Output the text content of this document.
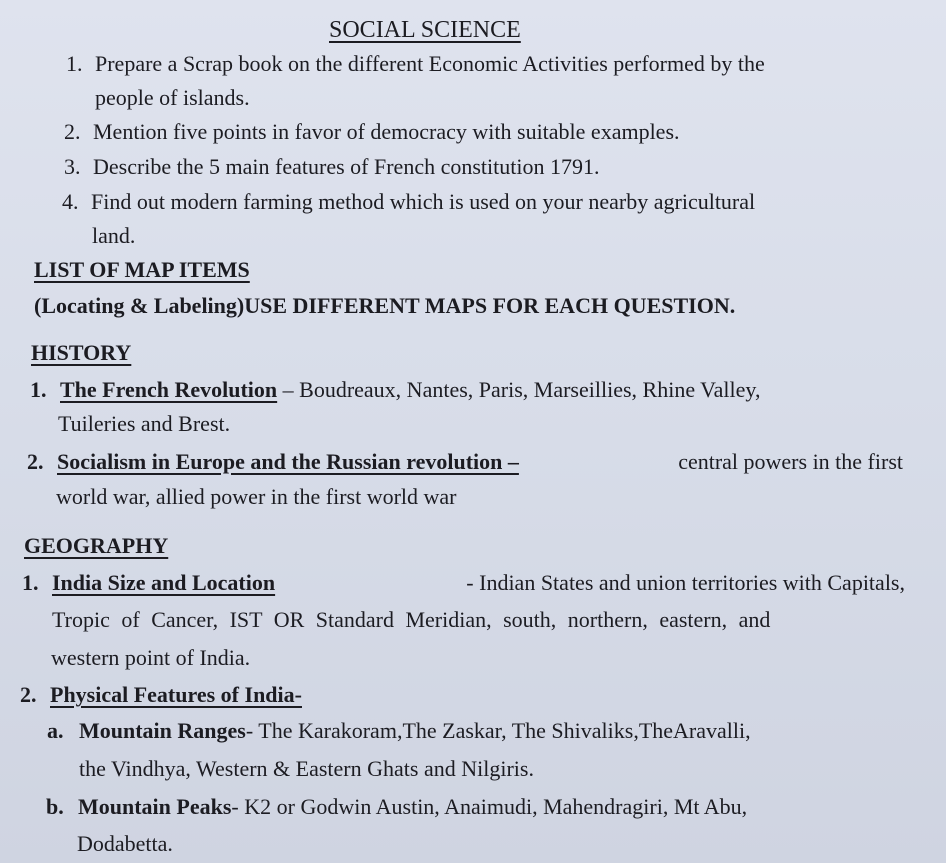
SOCIAL SCIENCE
1. Prepare a Scrap book on the different Economic Activities performed by the
people of islands.
2. Mention five points in favor of democracy with suitable examples.
3. Describe the 5 main features of French constitution 1791.
4. Find out modern farming method which is used on your nearby agricultural
land.
LIST OF MAP ITEMS
(Locating & Labeling)USE DIFFERENT MAPS FOR EACH QUESTION.
HISTORY
1. The French Revolution – Boudreaux, Nantes, Paris, Marseillies, Rhine Valley,
Tuileries and Brest.
2. Socialism in Europe and the Russian revolution –	central powers in the first
world war, allied power in the first world war
GEOGRAPHY
1. India Size and Location	- Indian States and union territories with Capitals,
Tropic of Cancer, IST OR Standard Meridian, south, northern, eastern, and
western point of India.
2. Physical Features of India-
a. Mountain Ranges- The Karakoram,The Zaskar, The Shivaliks,TheAravalli,
the Vindhya, Western & Eastern Ghats and Nilgiris.
b. Mountain Peaks- K2 or Godwin Austin, Anaimudi, Mahendragiri, Mt Abu,
Dodabetta.
